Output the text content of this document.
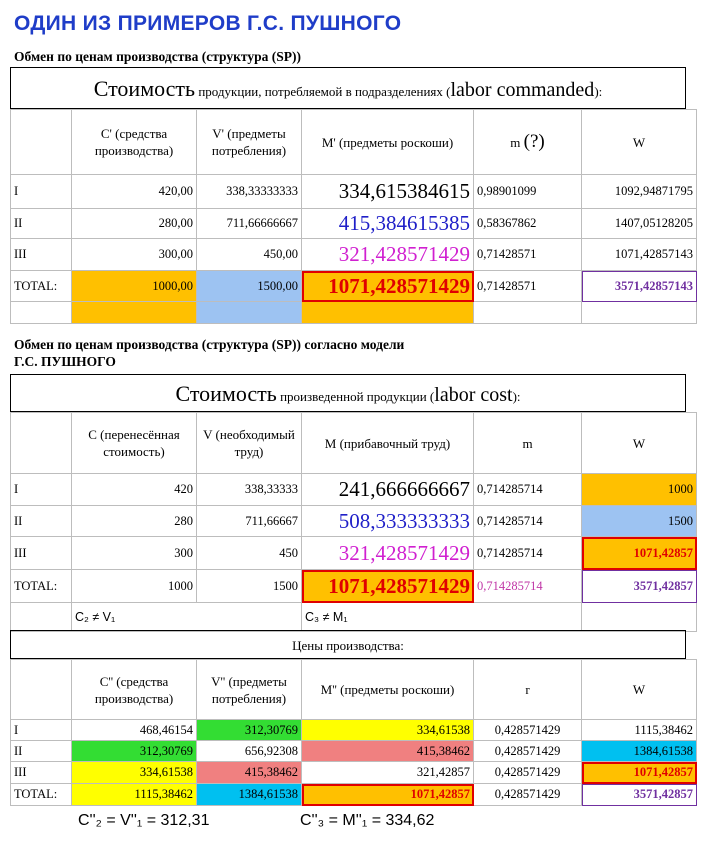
ОДИН ИЗ ПРИМЕРОВ Г.С. ПУШНОГО
Обмен по ценам производства (структура (SP))
Стоимость продукции, потребляемой в подразделениях (labor commanded):
	C' (средства производства)	V' (предметы потребления)	M' (предметы роскоши)	m (?)	W
I	420,00	338,33333333	334,615384615	0,98901099	1092,94871795
II	280,00	711,66666667	415,384615385	0,58367862	1407,05128205
III	300,00	450,00	321,428571429	0,71428571	1071,42857143
TOTAL:	1000,00	1500,00	1071,428571429	0,71428571	3571,42857143

Обмен по ценам производства (структура (SP)) согласно модели
Г.С. ПУШНОГО
Стоимость произведенной продукции (labor cost):
	C (перенесённая стоимость)	V (необходимый труд)	M (прибавочный труд)	m	W
I	420	338,33333	241,666666667	0,714285714	1000
II	280	711,66667	508,333333333	0,714285714	1500
III	300	450	321,428571429	0,714285714	1071,42857
TOTAL:	1000	1500	1071,428571429	0,714285714	3571,42857
	C₂ ≠ V₁		C₃ ≠ M₁		
Цены производства:
	C'' (средства производства)	V'' (предметы потребления)	M'' (предметы роскоши)	r	W
I	468,46154	312,30769	334,61538	0,428571429	1115,38462
II	312,30769	656,92308	415,38462	0,428571429	1384,61538
III	334,61538	415,38462	321,42857	0,428571429	1071,42857
TOTAL:	1115,38462	1384,61538	1071,42857	0,428571429	3571,42857
C''₂ = V''₁ = 312,31	C''₃ = M''₁ = 334,62
